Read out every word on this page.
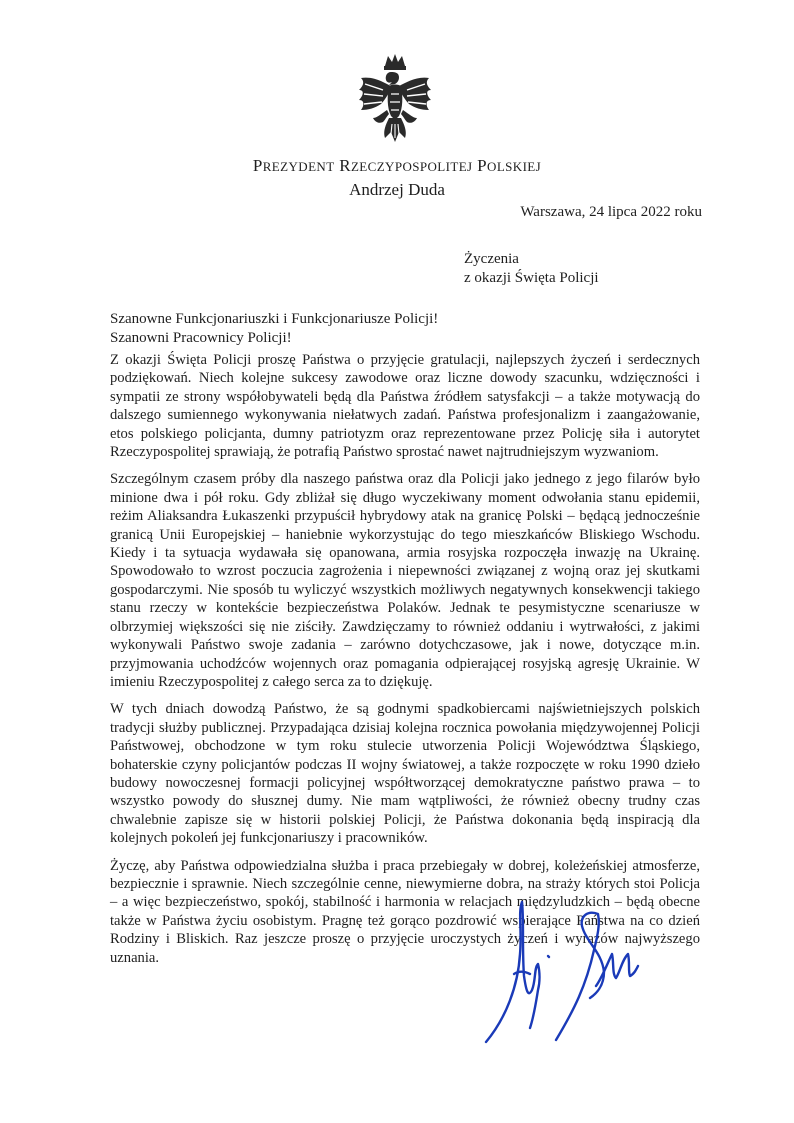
PREZYDENT RZECZYPOSPOLITEJ POLSKIEJ
Andrzej Duda
Warszawa, 24 lipca 2022 roku
Życzenia
z okazji Święta Policji
Szanowne Funkcjonariuszki i Funkcjonariusze Policji!
Szanowni Pracownicy Policji!

Z okazji Święta Policji proszę Państwa o przyjęcie gratulacji, najlepszych życzeń i serdecznych podziękowań. Niech kolejne sukcesy zawodowe oraz liczne dowody szacunku, wdzięczności i sympatii ze strony współobywateli będą dla Państwa źródłem satysfakcji – a także motywacją do dalszego sumiennego wykonywania niełatwych zadań. Państwa profesjonalizm i zaangażowanie, etos polskiego policjanta, dumny patriotyzm oraz reprezentowane przez Policję siła i autorytet Rzeczypospolitej sprawiają, że potrafią Państwo sprostać nawet najtrudniejszym wyzwaniom.

Szczególnym czasem próby dla naszego państwa oraz dla Policji jako jednego z jego filarów było minione dwa i pół roku. Gdy zbliżał się długo wyczekiwany moment odwołania stanu epidemii, reżim Aliaksandra Łukaszenki przypuścił hybrydowy atak na granicę Polski – będącą jednocześnie granicą Unii Europejskiej – haniebnie wykorzystując do tego mieszkańców Bliskiego Wschodu. Kiedy i ta sytuacja wydawała się opanowana, armia rosyjska rozpoczęła inwazję na Ukrainę. Spowodowało to wzrost poczucia zagrożenia i niepewności związanej z wojną oraz jej skutkami gospodarczymi. Nie sposób tu wyliczyć wszystkich możliwych negatywnych konsekwencji takiego stanu rzeczy w kontekście bezpieczeństwa Polaków. Jednak te pesymistyczne scenariusze w olbrzymiej większości się nie ziściły. Zawdzięczamy to również oddaniu i wytrwałości, z jakimi wykonywali Państwo swoje zadania – zarówno dotychczasowe, jak i nowe, dotyczące m.in. przyjmowania uchodźców wojennych oraz pomagania odpierającej rosyjską agresję Ukrainie. W imieniu Rzeczypospolitej z całego serca za to dziękuję.

W tych dniach dowodzą Państwo, że są godnymi spadkobiercami najświetniejszych polskich tradycji służby publicznej. Przypadająca dzisiaj kolejna rocznica powołania międzywojennej Policji Państwowej, obchodzone w tym roku stulecie utworzenia Policji Województwa Śląskiego, bohaterskie czyny policjantów podczas II wojny światowej, a także rozpoczęte w roku 1990 dzieło budowy nowoczesnej formacji policyjnej współtworzącej demokratyczne państwo prawa – to wszystko powody do słusznej dumy. Nie mam wątpliwości, że również obecny trudny czas chwalebnie zapisze się w historii polskiej Policji, że Państwa dokonania będą inspiracją dla kolejnych pokoleń jej funkcjonariuszy i pracowników.

Życzę, aby Państwa odpowiedzialna służba i praca przebiegały w dobrej, koleżeńskiej atmosferze, bezpiecznie i sprawnie. Niech szczególnie cenne, niewymierne dobra, na straży których stoi Policja – a więc bezpieczeństwo, spokój, stabilność i harmonia w relacjach międzyludzkich – będą obecne także w Państwa życiu osobistym. Pragnę też gorąco pozdrowić wspierające Państwa na co dzień Rodziny i Bliskich. Raz jeszcze proszę o przyjęcie uroczystych życzeń i wyrazów najwyższego uznania.
